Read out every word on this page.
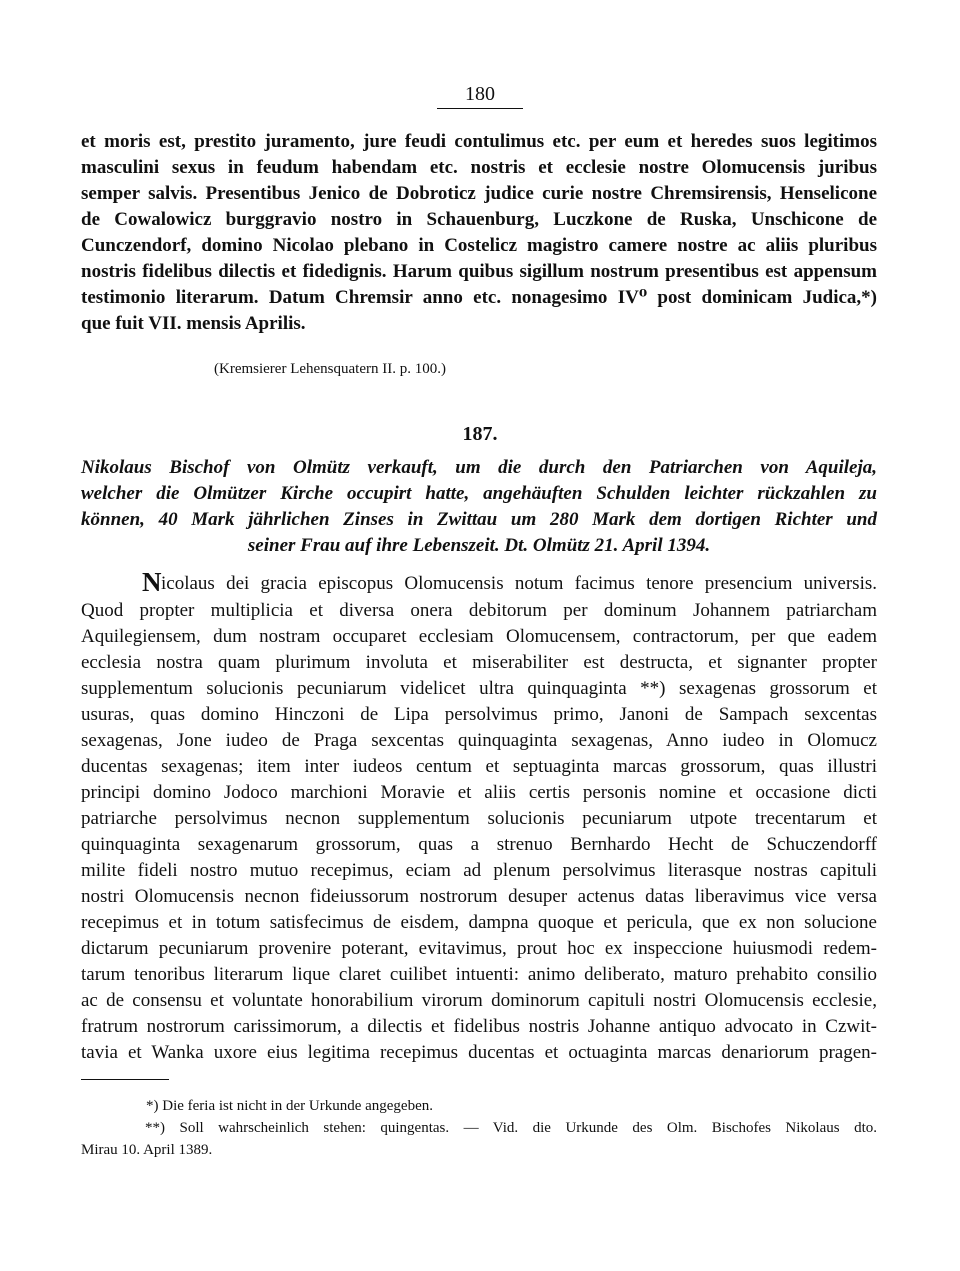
180
et moris est, prestito juramento, jure feudi contulimus etc. per eum et heredes suos legitimos
masculini sexus in feudum habendam etc. nostris et ecclesie nostre Olomucensis juribus
semper salvis. Presentibus Jenico de Dobroticz judice curie nostre Chremsirensis, Henselicone
de Cowalowicz burggravio nostro in Schauenburg, Luczkone de Ruska, Unschicone de
Cunczendorf, domino Nicolao plebano in Costelicz magistro camere nostre ac aliis pluribus
nostris fidelibus dilectis et fidedignis. Harum quibus sigillum nostrum presentibus est appensum
testimonio literarum. Datum Chremsir anno etc. nonagesimo IV⁰ post dominicam Judica,*)
que fuit VII. mensis Aprilis.
(Kremsierer Lehensquatern II. p. 100.)
187.
Nikolaus Bischof von Olmütz verkauft, um die durch den Patriarchen von Aquileja,
welcher die Olmützer Kirche occupirt hatte, angehäuften Schulden leichter rückzahlen zu
können, 40 Mark jährlichen Zinses in Zwittau um 280 Mark dem dortigen Richter und
seiner Frau auf ihre Lebenszeit. Dt. Olmütz 21. April 1394.
N icolaus dei gracia episcopus Olomucensis notum facimus tenore presencium universis.
Quod propter multiplicia et diversa onera debitorum per dominum Johannem patriarcham
Aquilegiensem, dum nostram occuparet ecclesiam Olomucensem, contractorum, per que eadem
ecclesia nostra quam plurimum involuta et miserabiliter est destructa, et signanter propter
supplementum solucionis pecuniarum videlicet ultra quinquaginta **) sexagenas grossorum et
usuras, quas domino Hinczoni de Lipa persolvimus primo, Janoni de Sampach sexcentas
sexagenas, Jone iudeo de Praga sexcentas quinquaginta sexagenas, Anno iudeo in Olomucz
ducentas sexagenas; item inter iudeos centum et septuaginta marcas grossorum, quas illustri
principi domino Jodoco marchioni Moravie et aliis certis personis nomine et occasione dicti
patriarche persolvimus necnon supplementum solucionis pecuniarum utpote trecentarum et
quinquaginta sexagenarum grossorum, quas a strenuo Bernhardo Hecht de Schuczendorff
milite fideli nostro mutuo recepimus, eciam ad plenum persolvimus literasque nostras capituli
nostri Olomucensis necnon fideiussorum nostrorum desuper actenus datas liberavimus vice versa
recepimus et in totum satisfecimus de eisdem, dampna quoque et pericula, que ex non solucione
dictarum pecuniarum provenire poterant, evitavimus, prout hoc ex inspeccione huiusmodi redem-
tarum tenoribus literarum lique claret cuilibet intuenti: animo deliberato, maturo prehabito consilio
ac de consensu et voluntate honorabilium virorum dominorum capituli nostri Olomucensis ecclesie,
fratrum nostrorum carissimorum, a dilectis et fidelibus nostris Johanne antiquo advocato in Czwit-
tavia et Wanka uxore eius legitima recepimus ducentas et octuaginta marcas denariorum pragen-
*) Die feria ist nicht in der Urkunde angegeben.
**) Soll wahrscheinlich stehen: quingentas. — Vid. die Urkunde des Olm. Bischofes Nikolaus dto.
Mirau 10. April 1389.
